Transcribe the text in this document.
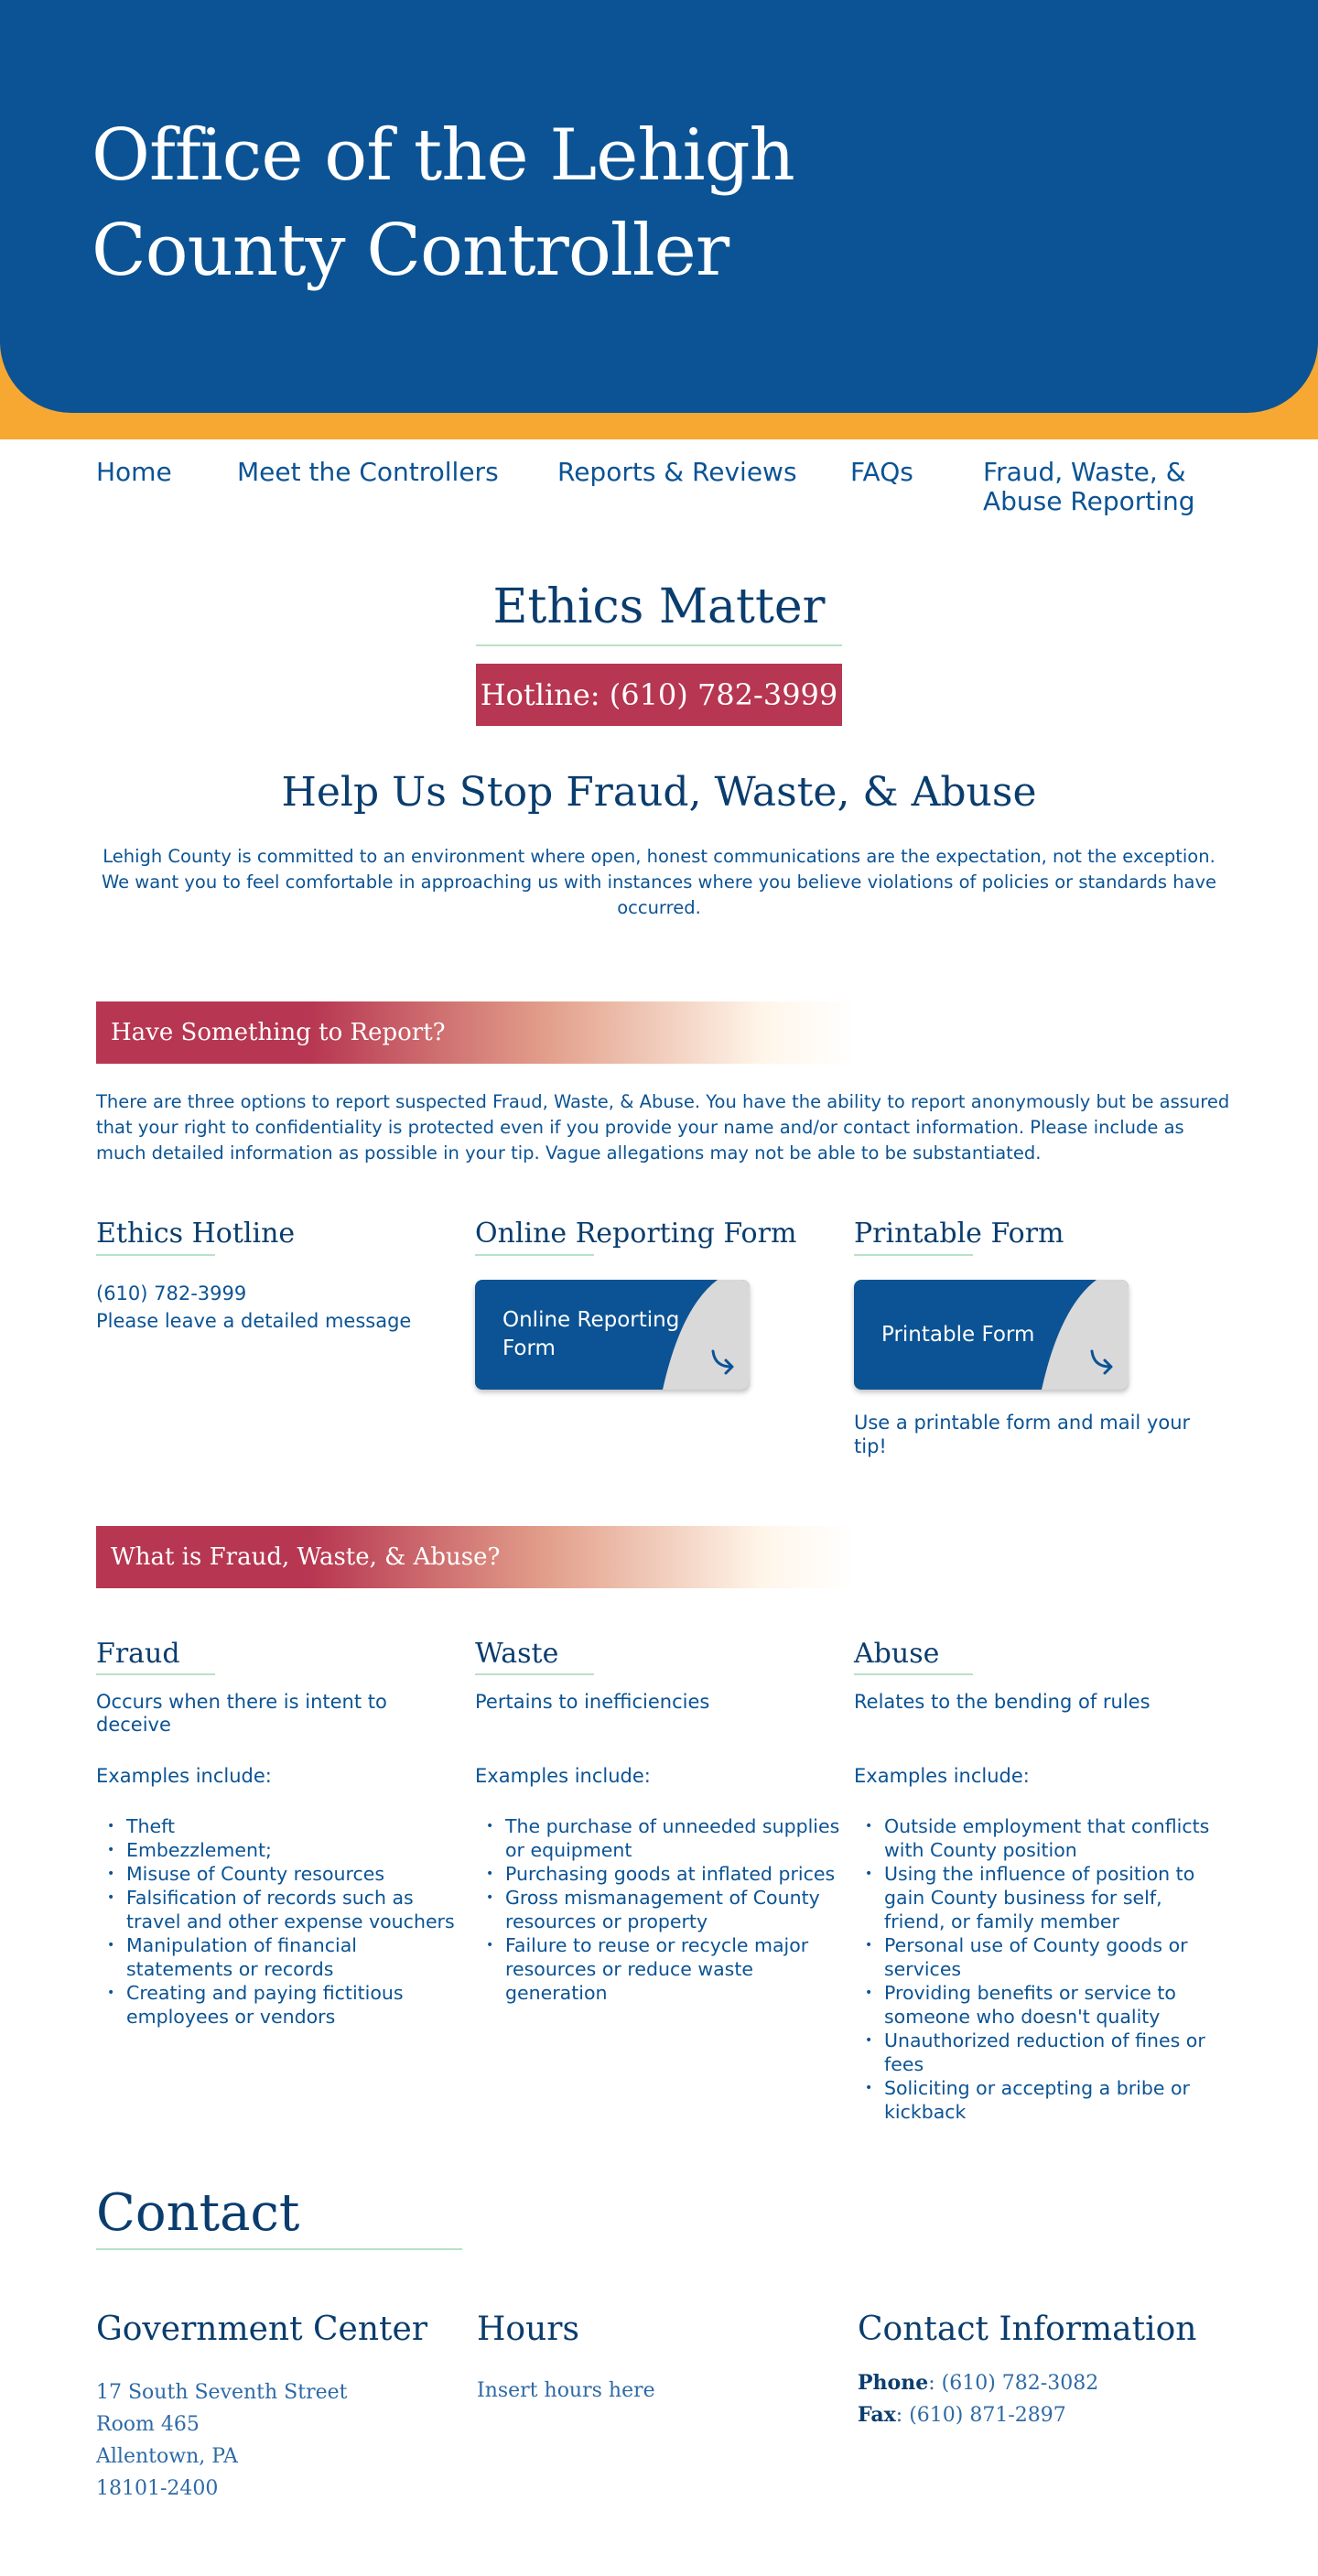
Office of the Lehigh County Controller
Home	Meet the Controllers Reports & Reviews FAQs	Fraud, Waste, & Abuse Reporting
Ethics Matter
Hotline: (610) 782-3999
Help Us Stop Fraud, Waste, & Abuse

Lehigh County is committed to an environment where open, honest communications are the expectation, not the exception. We want you to feel comfortable in approaching us with instances where you believe violations of policies or standards have occurred.

Have Something to Report?

There are three options to report suspected Fraud, Waste, & Abuse. You have the ability to report anonymously but be assured that your right to confidentiality is protected even if you provide your name and/or contact information. Please include as much detailed information as possible in your tip. Vague allegations may not be able to be substantiated.

Ethics Hotline

(610) 782-3999

Please leave a detailed message

Online Reporting Form
Online Reporting Form
Printable Form
Printable Form

Use a printable form and mail your tip!

What is Fraud, Waste, & Abuse?
Fraud

Occurs when there is intent to deceive

Examples include:

• Theft
• Embezzlement;
• Misuse of County resources
• Falsification of records such as travel and other expense vouchers
• Manipulation of financial statements or records
• Creating and paying fictitious employees or vendors
Waste

Pertains to inefficiencies

Examples include:

• The purchase of unneeded supplies or equipment
• Purchasing goods at inflated prices
• Gross mismanagement of County resources or property
• Failure to reuse or recycle major resources or reduce waste generation
Abuse

Relates to the bending of rules

Examples include:

• Outside employment that conflicts with County position
• Using the influence of position to gain County business for self, friend, or family member
• Personal use of County goods or services
• Providing benefits or service to someone who doesn't quality
• Unauthorized reduction of fines or fees
• Soliciting or accepting a bribe or kickback
Contact
Government Center
17 South Seventh Street
Room 465
Allentown, PA
18101-2400
Hours
Insert hours here
Contact Information
Phone: (610) 782-3082
Fax: (610) 871-2897
